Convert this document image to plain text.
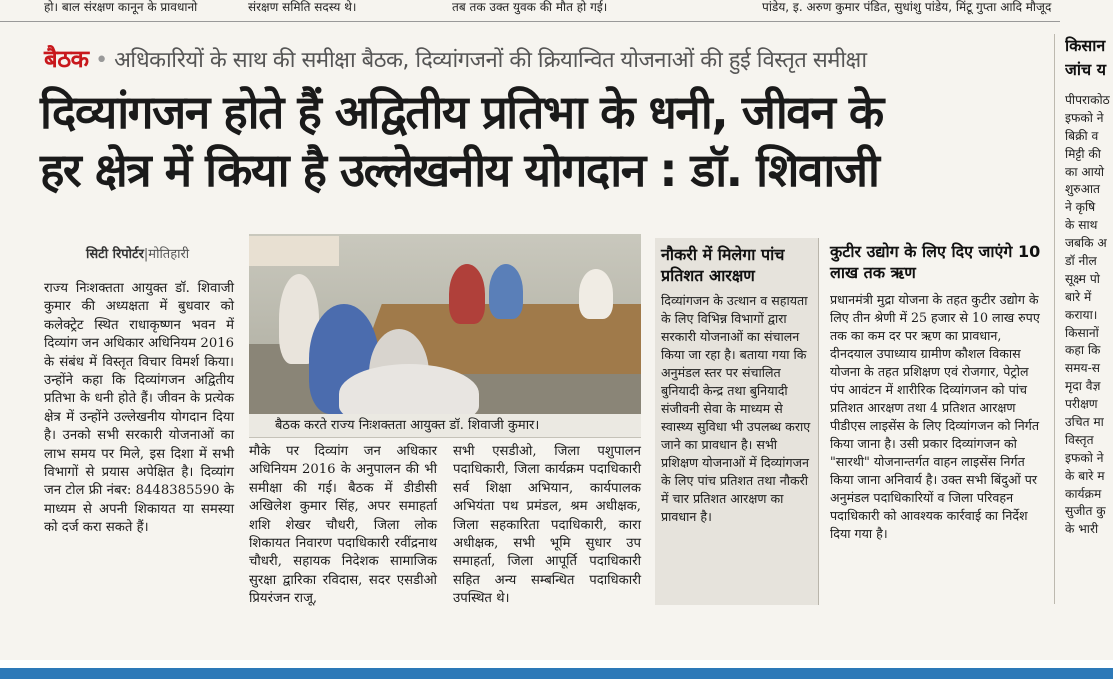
हो। बाल संरक्षण कानून के प्रावधानो	संरक्षण समिति सदस्य थे।	तब तक उक्त युवक की मौत हो गई।	पांडेय, इ. अरुण कुमार पंडित, सुधांशु पांडेय, मिंटू गुप्ता आदि मौजूद
बैठक • अधिकारियों के साथ की समीक्षा बैठक, दिव्यांगजनों की क्रियान्वित योजनाओं की हुई विस्तृत समीक्षा
दिव्यांगजन होते हैं अद्वितीय प्रतिभा के धनी, जीवन के
हर क्षेत्र में किया है उल्लेखनीय योगदान : डॉ. शिवाजी
सिटी रिपोर्टर|मोतिहारी
राज्य निःशक्तता आयुक्त डॉ. शिवाजी कुमार की अध्यक्षता में बुधवार को कलेक्ट्रेट स्थित राधाकृष्णन भवन में दिव्यांग जन अधिकार अधिनियम 2016 के संबंध में विस्तृत विचार विमर्श किया। उन्होंने कहा कि दिव्यांगजन अद्वितीय प्रतिभा के धनी होते हैं। जीवन के प्रत्येक क्षेत्र में उन्होंने उल्लेखनीय योगदान दिया है। उनको सभी सरकारी योजनाओं का लाभ समय पर मिले, इस दिशा में सभी विभागों से प्रयास अपेक्षित है। दिव्यांग जन टोल फ्री नंबर: 8448385590 के माध्यम से अपनी शिकायत या समस्या को दर्ज करा सकते हैं।
बैठक करते राज्य निःशक्तता आयुक्त डॉ. शिवाजी कुमार।
मौके पर दिव्यांग जन अधिकार अधिनियम 2016 के अनुपालन की भी समीक्षा की गई। बैठक में डीडीसी अखिलेश कुमार सिंह, अपर समाहर्ता शशि शेखर चौधरी, जिला लोक शिकायत निवारण पदाधिकारी रवींद्रनाथ चौधरी, सहायक निदेशक सामाजिक सुरक्षा द्वारिका रविदास, सदर एसडीओ प्रियरंजन राजू,
सभी एसडीओ, जिला पशुपालन पदाधिकारी, जिला कार्यक्रम पदाधिकारी सर्व शिक्षा अभियान, कार्यपालक अभियंता पथ प्रमंडल, श्रम अधीक्षक, जिला सहकारिता पदाधिकारी, कारा अधीक्षक, सभी भूमि सुधार उप समाहर्ता, जिला आपूर्ति पदाधिकारी सहित अन्य सम्बन्धित पदाधिकारी उपस्थित थे।
नौकरी में मिलेगा पांच प्रतिशत आरक्षण
दिव्यांगजन के उत्थान व सहायता के लिए विभिन्न विभागों द्वारा सरकारी योजनाओं का संचालन किया जा रहा है। बताया गया कि अनुमंडल स्तर पर संचालित बुनियादी केन्द्र तथा बुनियादी संजीवनी सेवा के माध्यम से स्वास्थ्य सुविधा भी उपलब्ध कराए जाने का प्रावधान है। सभी प्रशिक्षण योजनाओं में दिव्यांगजन के लिए पांच प्रतिशत तथा नौकरी में चार प्रतिशत आरक्षण का प्रावधान है।
कुटीर उद्योग के लिए दिए जाएंगे 10 लाख तक ऋण
प्रधानमंत्री मुद्रा योजना के तहत कुटीर उद्योग के लिए तीन श्रेणी में 25 हजार से 10 लाख रुपए तक का कम दर पर ऋण का प्रावधान, दीनदयाल उपाध्याय ग्रामीण कौशल विकास योजना के तहत प्रशिक्षण एवं रोजगार, पेट्रोल पंप आवंटन में शारीरिक दिव्यांगजन को पांच प्रतिशत आरक्षण तथा 4 प्रतिशत आरक्षण पीडीएस लाइसेंस के लिए दिव्यांगजन को निर्गत किया जाना है। उसी प्रकार दिव्यांगजन को "सारथी" योजनान्तर्गत वाहन लाइसेंस निर्गत किया जाना अनिवार्य है। उक्त सभी बिंदुओं पर अनुमंडल पदाधिकारियों व जिला परिवहन पदाधिकारी को आवश्यक कार्रवाई का निर्देश दिया गया है।
किसान
जांच य
पीपराकोठ
इफको ने
बिक्री व
मिट्टी की
का आयो
शुरुआत
ने कृषि
के साथ
जबकि अ
डॉ नील
सूक्ष्म पो
बारे में
कराया।
किसानों
कहा कि
समय-स
मृदा वैज्ञ
परीक्षण
उचित मा
विस्तृत
इफको ने
के बारे म
कार्यक्रम
सुजीत कु
के भारी
